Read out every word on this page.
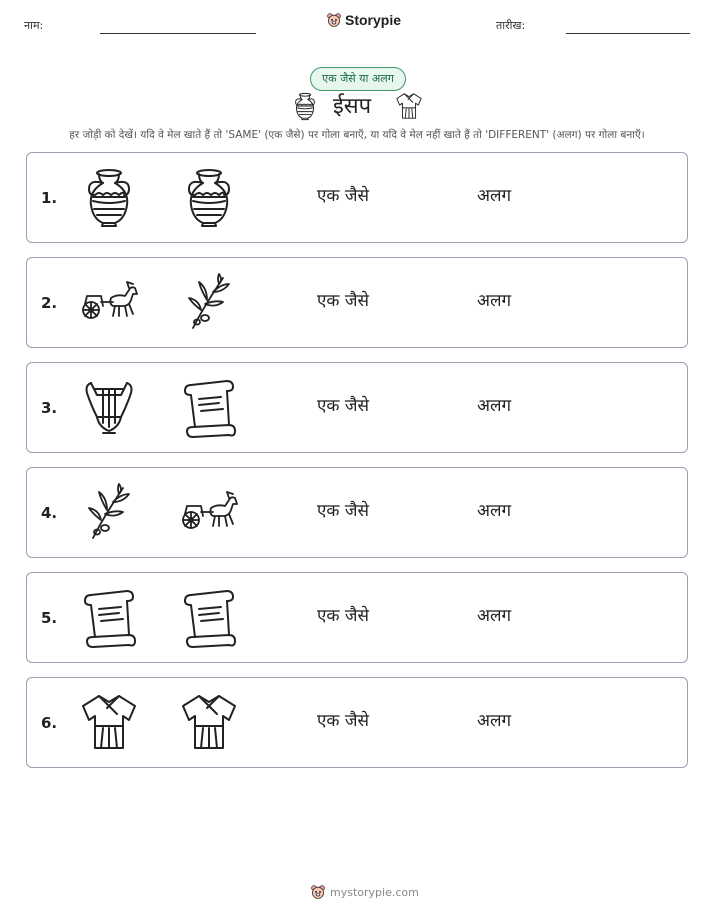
नाम:	Storypie	तारीख:
एक जैसे या अलग
ईसप
हर जोड़ी को देखें। यदि वे मेल खाते हैं तो 'SAME' (एक जैसे) पर गोला बनाएँ, या यदि वे मेल नहीं खाते हैं तो 'DIFFERENT' (अलग) पर गोला बनाएँ।
1.	एक जैसे	अलग
2.	एक जैसे	अलग
3.	एक जैसे	अलग
4.	एक जैसे	अलग
5.	एक जैसे	अलग
6.	एक जैसे	अलग
mystorypie.com
